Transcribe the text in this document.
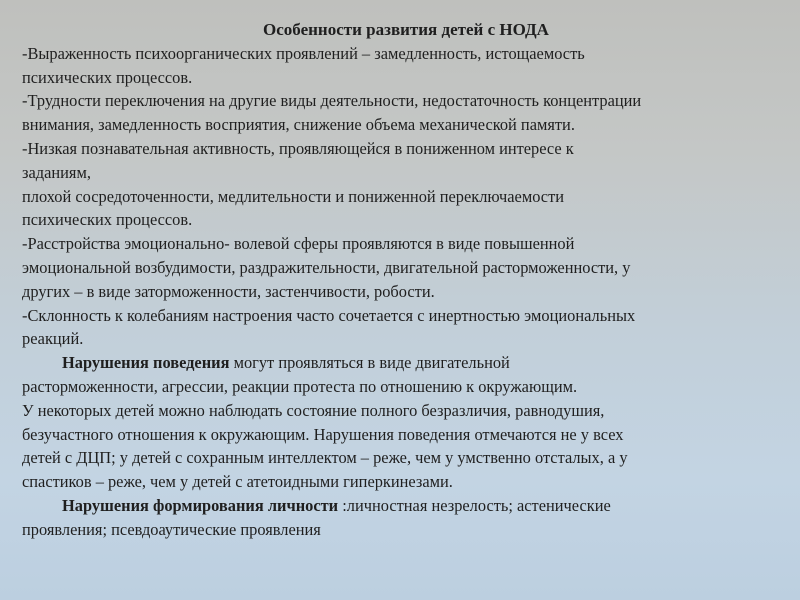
Особенности развития детей с НОДА

-Выраженность психоорганических проявлений – замедленность, истощаемость

психических процессов.

-Трудности переключения на другие виды деятельности, недостаточность концентрации

внимания, замедленность восприятия, снижение объема механической памяти.

-Низкая познавательная активность, проявляющейся в пониженном интересе к

заданиям,

плохой сосредоточенности, медлительности и пониженной переключаемости

психических процессов.

-Расстройства эмоционально- волевой сферы проявляются в виде повышенной

эмоциональной возбудимости, раздражительности, двигательной расторможенности, у

других – в виде заторможенности, застенчивости, робости.

-Склонность к колебаниям настроения часто сочетается с инертностью эмоциональных

реакций.

Нарушения поведения могут проявляться в виде двигательной

расторможенности, агрессии, реакции протеста по отношению к окружающим.

У некоторых детей можно наблюдать состояние полного безразличия, равнодушия,

безучастного отношения к окружающим. Нарушения поведения отмечаются не у всех

детей с ДЦП; у детей с сохранным интеллектом – реже, чем у умственно отсталых, а у

спастиков – реже, чем у детей с атетоидными гиперкинезами.

Нарушения формирования личности :личностная незрелость; астенические

проявления; псевдоаутические проявления
